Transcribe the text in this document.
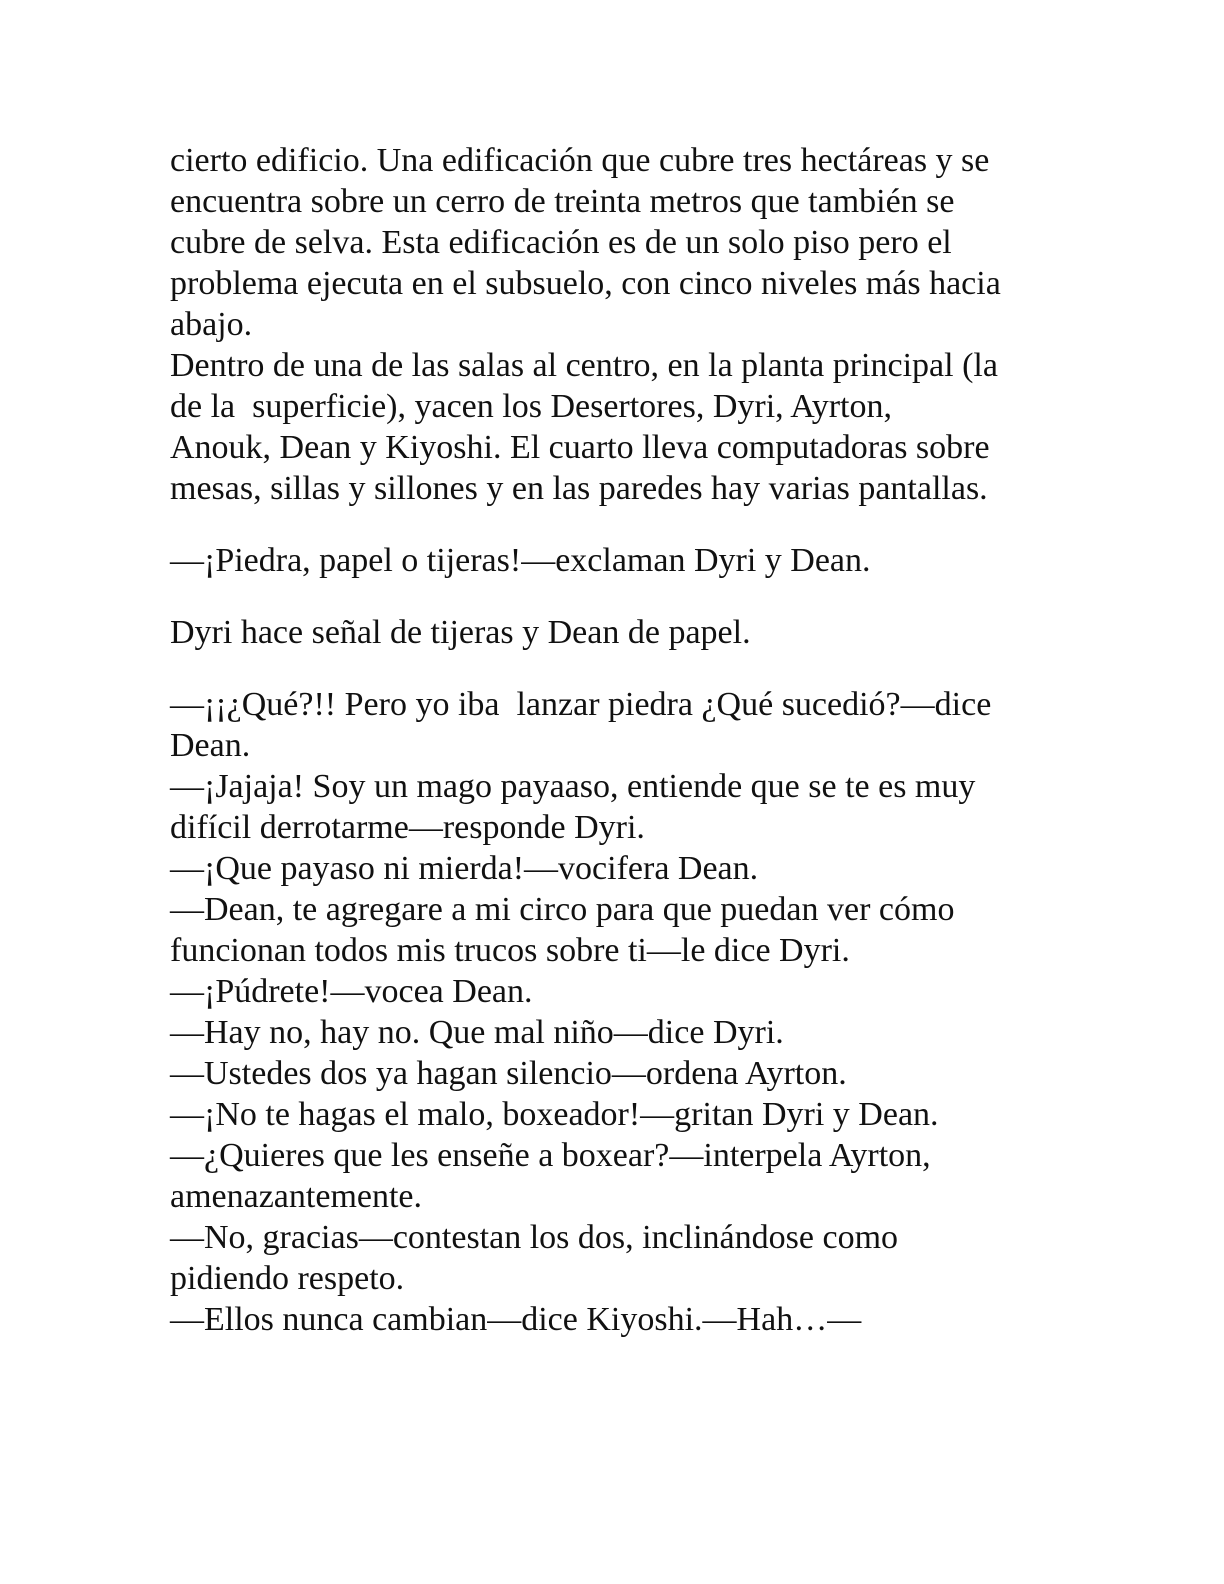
cierto edificio. Una edificación que cubre tres hectáreas y se
encuentra sobre un cerro de treinta metros que también se
cubre de selva. Esta edificación es de un solo piso pero el
problema ejecuta en el subsuelo, con cinco niveles más hacia
abajo.
Dentro de una de las salas al centro, en la planta principal (la
de la  superficie), yacen los Desertores, Dyri, Ayrton,
Anouk, Dean y Kiyoshi. El cuarto lleva computadoras sobre
mesas, sillas y sillones y en las paredes hay varias pantallas.
—¡Piedra, papel o tijeras!—exclaman Dyri y Dean.
Dyri hace señal de tijeras y Dean de papel.
—¡¡¿Qué?!! Pero yo iba  lanzar piedra ¿Qué sucedió?—dice
Dean.
—¡Jajaja! Soy un mago payaaso, entiende que se te es muy
difícil derrotarme—responde Dyri.
—¡Que payaso ni mierda!—vocifera Dean.
—Dean, te agregare a mi circo para que puedan ver cómo
funcionan todos mis trucos sobre ti—le dice Dyri.
—¡Púdrete!—vocea Dean.
—Hay no, hay no. Que mal niño—dice Dyri.
—Ustedes dos ya hagan silencio—ordena Ayrton.
—¡No te hagas el malo, boxeador!—gritan Dyri y Dean.
—¿Quieres que les enseñe a boxear?—interpela Ayrton,
amenazantemente.
—No, gracias—contestan los dos, inclinándose como
pidiendo respeto.
—Ellos nunca cambian—dice Kiyoshi.—Hah…—
